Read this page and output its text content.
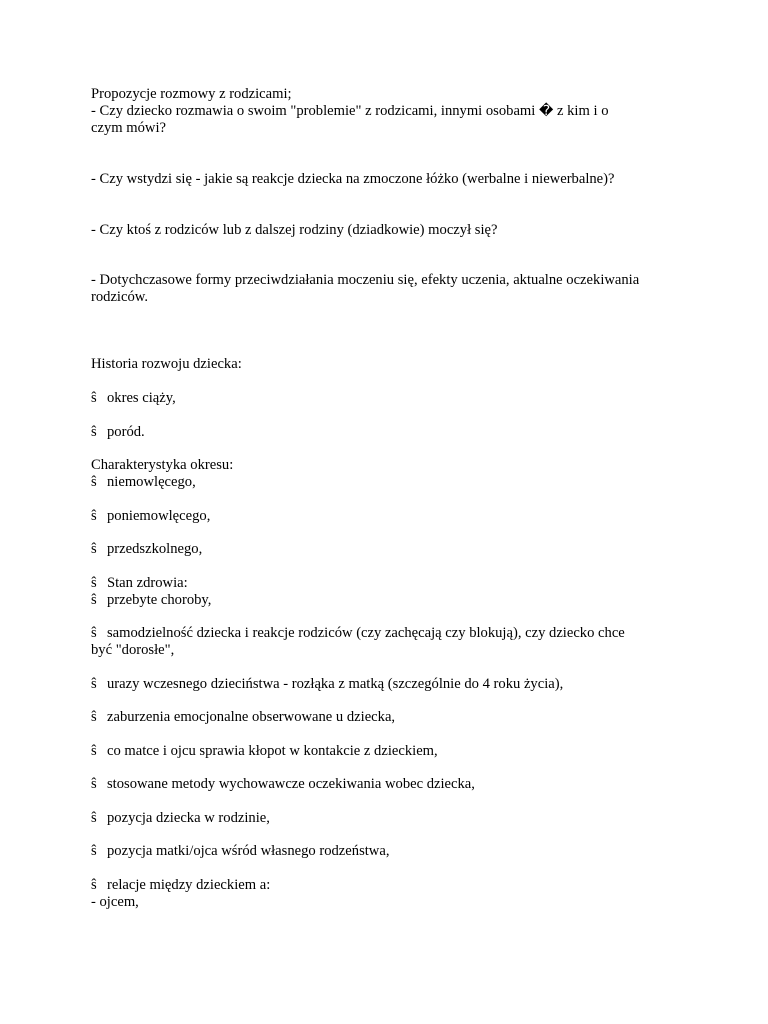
Propozycje rozmowy z rodzicami;

- Czy dziecko rozmawia o swoim "problemie" z rodzicami, innymi osobami � z kim i o

czym mówi?

- Czy wstydzi się - jakie są reakcje dziecka na zmoczone łóżko (werbalne i niewerbalne)?

- Czy ktoś z rodziców lub z dalszej rodziny (dziadkowie) moczył się?

- Dotychczasowe formy przeciwdziałania moczeniu się, efekty uczenia, aktualne oczekiwania

rodziców.

Historia rozwoju dziecka:

ŝ okres ciąży,

ŝ poród.

Charakterystyka okresu:

ŝ niemowlęcego,

ŝ poniemowlęcego,

ŝ przedszkolnego,

ŝ Stan zdrowia:

ŝ przebyte choroby,

ŝ samodzielność dziecka i reakcje rodziców (czy zachęcają czy blokują), czy dziecko chce

być "dorosłe",

ŝ urazy wczesnego dzieciństwa - rozłąka z matką (szczególnie do 4 roku życia),

ŝ zaburzenia emocjonalne obserwowane u dziecka,

ŝ co matce i ojcu sprawia kłopot w kontakcie z dzieckiem,

ŝ stosowane metody wychowawcze oczekiwania wobec dziecka,

ŝ pozycja dziecka w rodzinie,

ŝ pozycja matki/ojca wśród własnego rodzeństwa,

ŝ relacje między dzieckiem a:

- ojcem,
